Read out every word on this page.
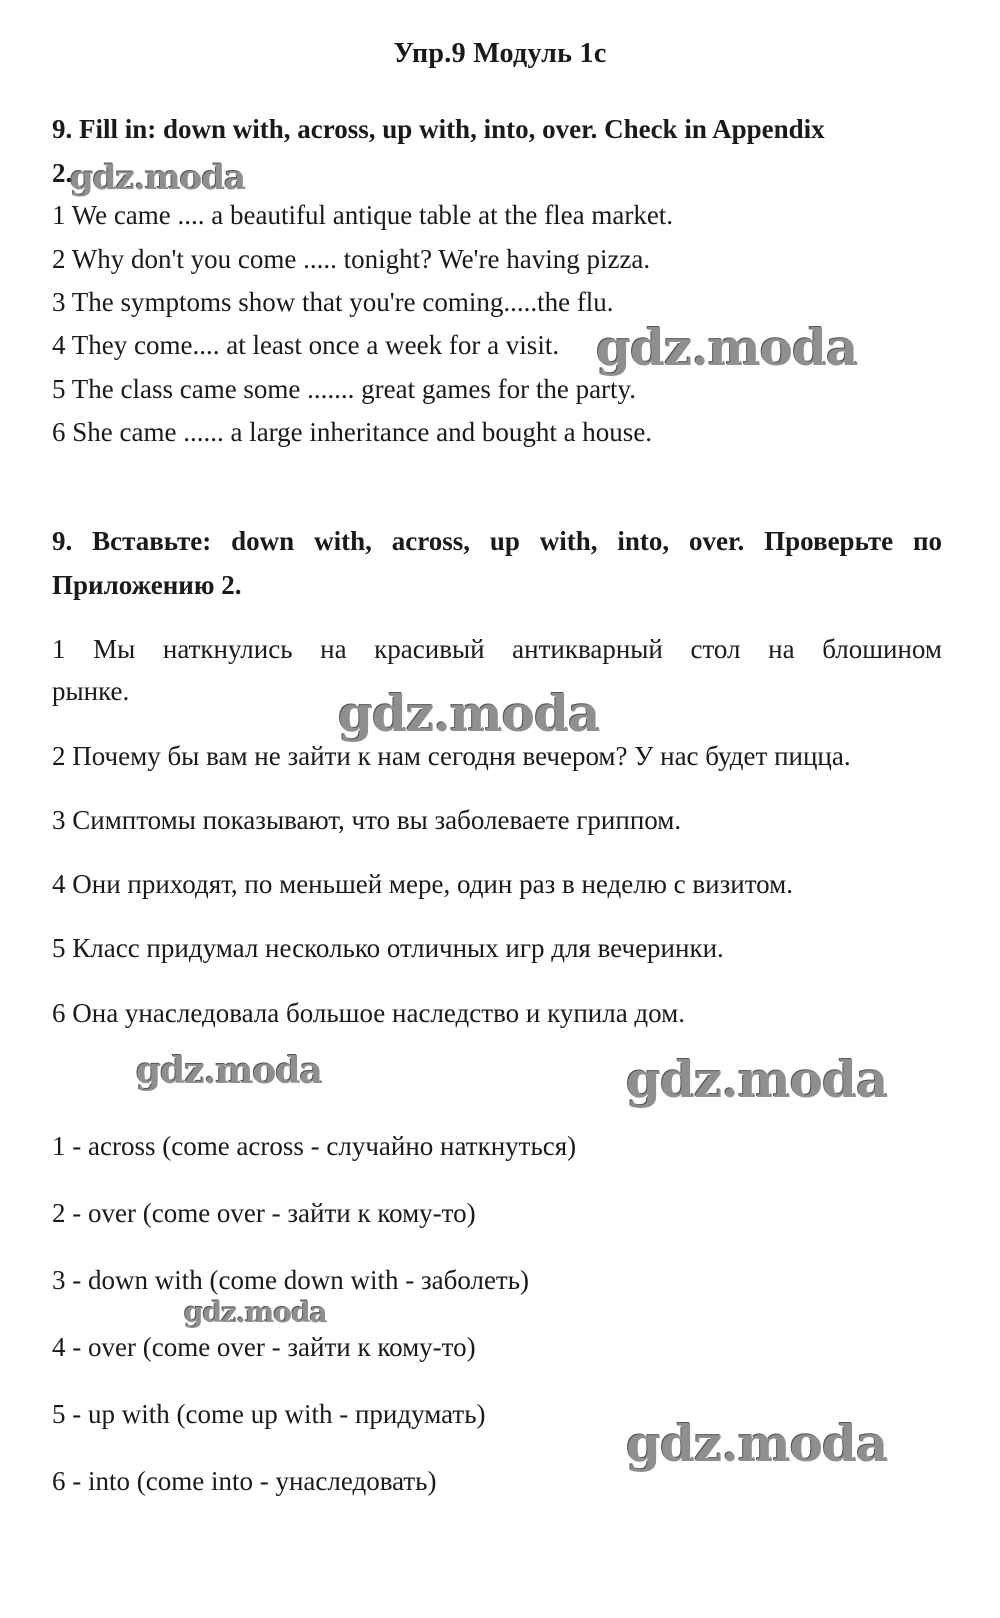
Упр.9 Модуль 1с
9. Fill in: down with, across, up with, into, over. Check in Appendix
2.
1 We came .... a beautiful antique table at the flea market.
2 Why don't you come ..... tonight? We're having pizza.
3 The symptoms show that you're coming.....the flu.
4 They come.... at least once a week for a visit.
5 The class came some ....... great games for the party.
6 She came ...... a large inheritance and bought a house.
9. Вставьте: down with, across, up with, into, over. Проверьте по
Приложению 2.
1 Мы наткнулись на красивый антикварный стол на блошином
рынке.
2 Почему бы вам не зайти к нам сегодня вечером? У нас будет пицца.
3 Симптомы показывают, что вы заболеваете гриппом.
4 Они приходят, по меньшей мере, один раз в неделю с визитом.
5 Класс придумал несколько отличных игр для вечеринки.
6 Она унаследовала большое наследство и купила дом.
1 - across (come across - случайно наткнуться)
2 - over (come over - зайти к кому-то)
3 - down with (come down with - заболеть)
4 - over (come over - зайти к кому-то)
5 - up with (come up with - придумать)
6 - into (come into - унаследовать)
gdz.moda
gdz.moda
gdz.moda
gdz.moda	gdz.moda
gdz.moda
gdz.moda
